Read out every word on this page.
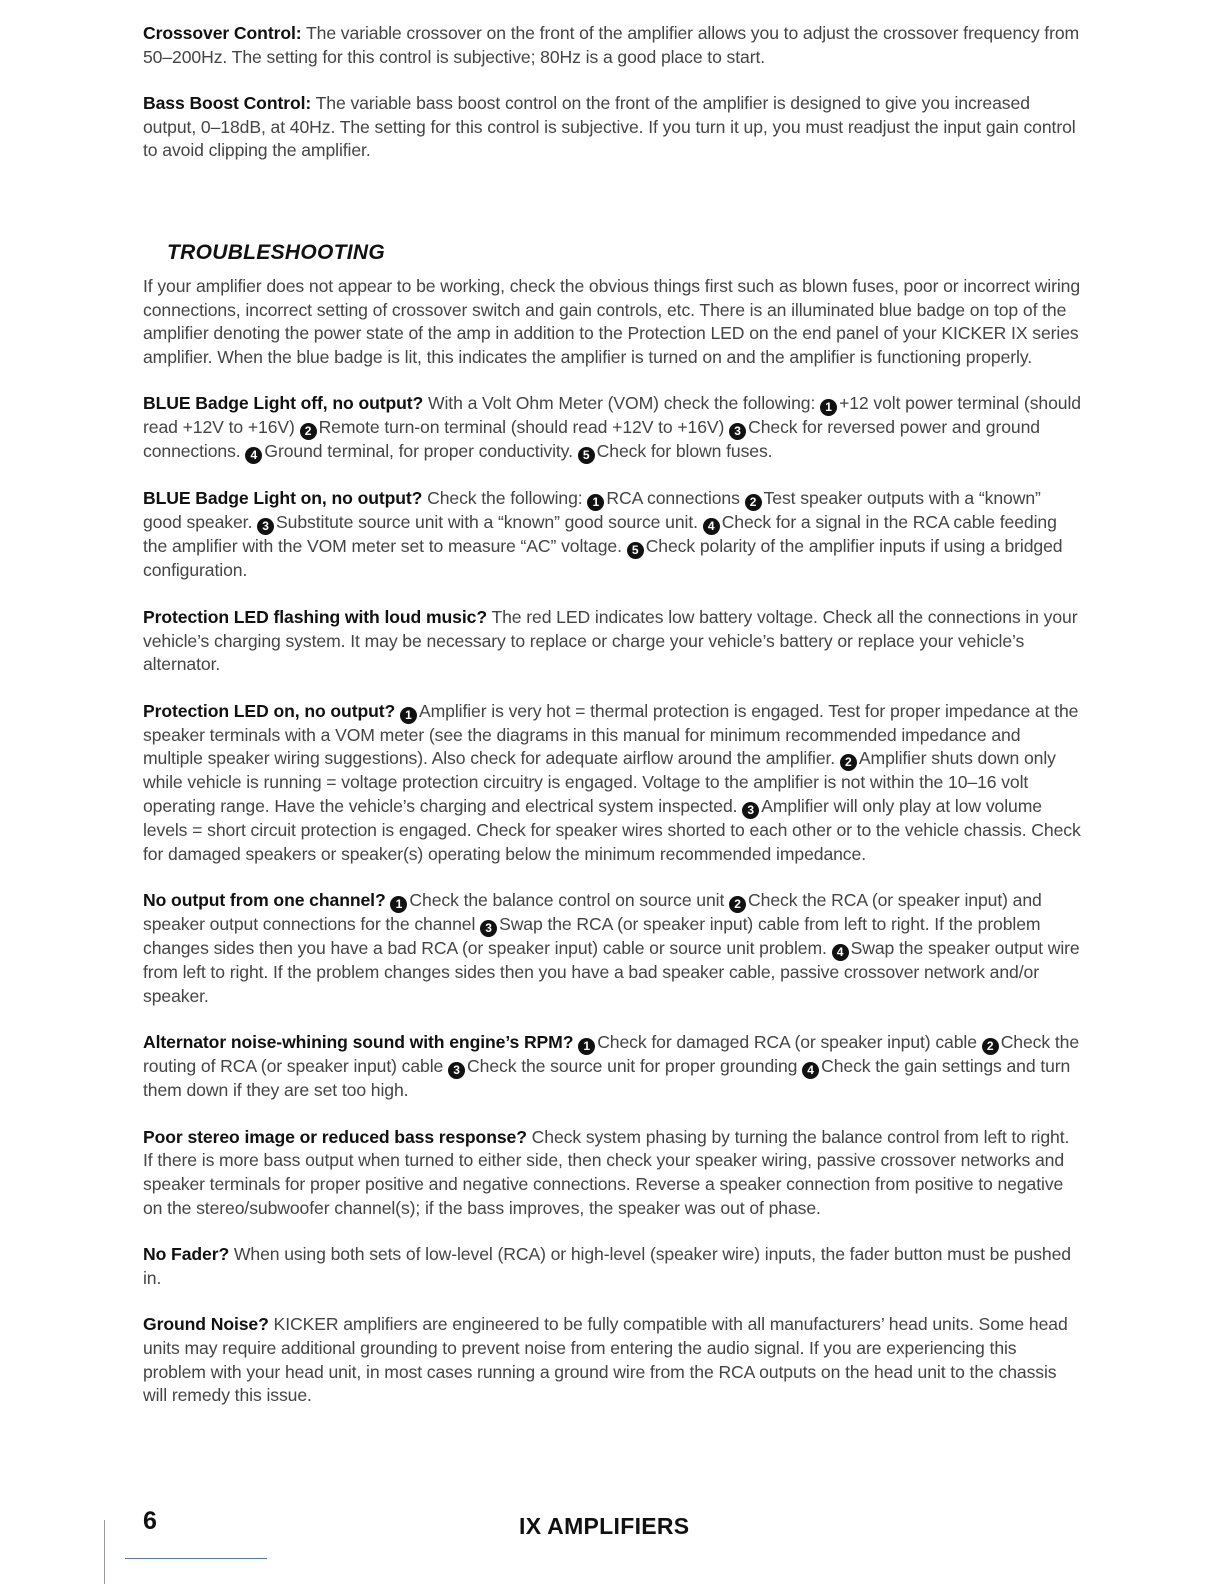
Crossover Control: The variable crossover on the front of the amplifier allows you to adjust the crossover frequency from 50–200Hz. The setting for this control is subjective; 80Hz is a good place to start.

Bass Boost Control: The variable bass boost control on the front of the amplifier is designed to give you increased output, 0–18dB, at 40Hz. The setting for this control is subjective. If you turn it up, you must readjust the input gain control to avoid clipping the amplifier.

TROUBLESHOOTING

If your amplifier does not appear to be working, check the obvious things first such as blown fuses, poor or incorrect wiring connections, incorrect setting of crossover switch and gain controls, etc. There is an illuminated blue badge on top of the amplifier denoting the power state of the amp in addition to the Protection LED on the end panel of your KICKER IX series amplifier. When the blue badge is lit, this indicates the amplifier is turned on and the amplifier is functioning properly.

BLUE Badge Light off, no output? With a Volt Ohm Meter (VOM) check the following: 1 +12 volt power terminal (should read +12V to +16V) 2 Remote turn-on terminal (should read +12V to +16V) 3 Check for reversed power and ground connections. 4 Ground terminal, for proper conductivity. 5 Check for blown fuses.

BLUE Badge Light on, no output? Check the following: 1 RCA connections 2 Test speaker outputs with a “known” good speaker. 3 Substitute source unit with a “known” good source unit. 4 Check for a signal in the RCA cable feeding the amplifier with the VOM meter set to measure “AC” voltage. 5 Check polarity of the amplifier inputs if using a bridged configuration.

Protection LED flashing with loud music? The red LED indicates low battery voltage. Check all the connections in your vehicle’s charging system. It may be necessary to replace or charge your vehicle’s battery or replace your vehicle’s alternator.

Protection LED on, no output? 1 Amplifier is very hot = thermal protection is engaged. Test for proper impedance at the speaker terminals with a VOM meter (see the diagrams in this manual for minimum recommended impedance and multiple speaker wiring suggestions). Also check for adequate airflow around the amplifier. 2 Amplifier shuts down only while vehicle is running = voltage protection circuitry is engaged. Voltage to the amplifier is not within the 10–16 volt operating range. Have the vehicle’s charging and electrical system inspected. 3 Amplifier will only play at low volume levels = short circuit protection is engaged. Check for speaker wires shorted to each other or to the vehicle chassis. Check for damaged speakers or speaker(s) operating below the minimum recommended impedance.

No output from one channel? 1 Check the balance control on source unit 2 Check the RCA (or speaker input) and speaker output connections for the channel 3 Swap the RCA (or speaker input) cable from left to right. If the problem changes sides then you have a bad RCA (or speaker input) cable or source unit problem. 4 Swap the speaker output wire from left to right. If the problem changes sides then you have a bad speaker cable, passive crossover network and/or speaker.

Alternator noise-whining sound with engine’s RPM? 1 Check for damaged RCA (or speaker input) cable 2 Check the routing of RCA (or speaker input) cable 3 Check the source unit for proper grounding 4 Check the gain settings and turn them down if they are set too high.

Poor stereo image or reduced bass response? Check system phasing by turning the balance control from left to right. If there is more bass output when turned to either side, then check your speaker wiring, passive crossover networks and speaker terminals for proper positive and negative connections. Reverse a speaker connection from positive to negative on the stereo/subwoofer channel(s); if the bass improves, the speaker was out of phase.

No Fader? When using both sets of low-level (RCA) or high-level (speaker wire) inputs, the fader button must be pushed in.

Ground Noise? KICKER amplifiers are engineered to be fully compatible with all manufacturers’ head units. Some head units may require additional grounding to prevent noise from entering the audio signal. If you are experiencing this problem with your head unit, in most cases running a ground wire from the RCA outputs on the head unit to the chassis will remedy this issue.

6	IX AMPLIFIERS
